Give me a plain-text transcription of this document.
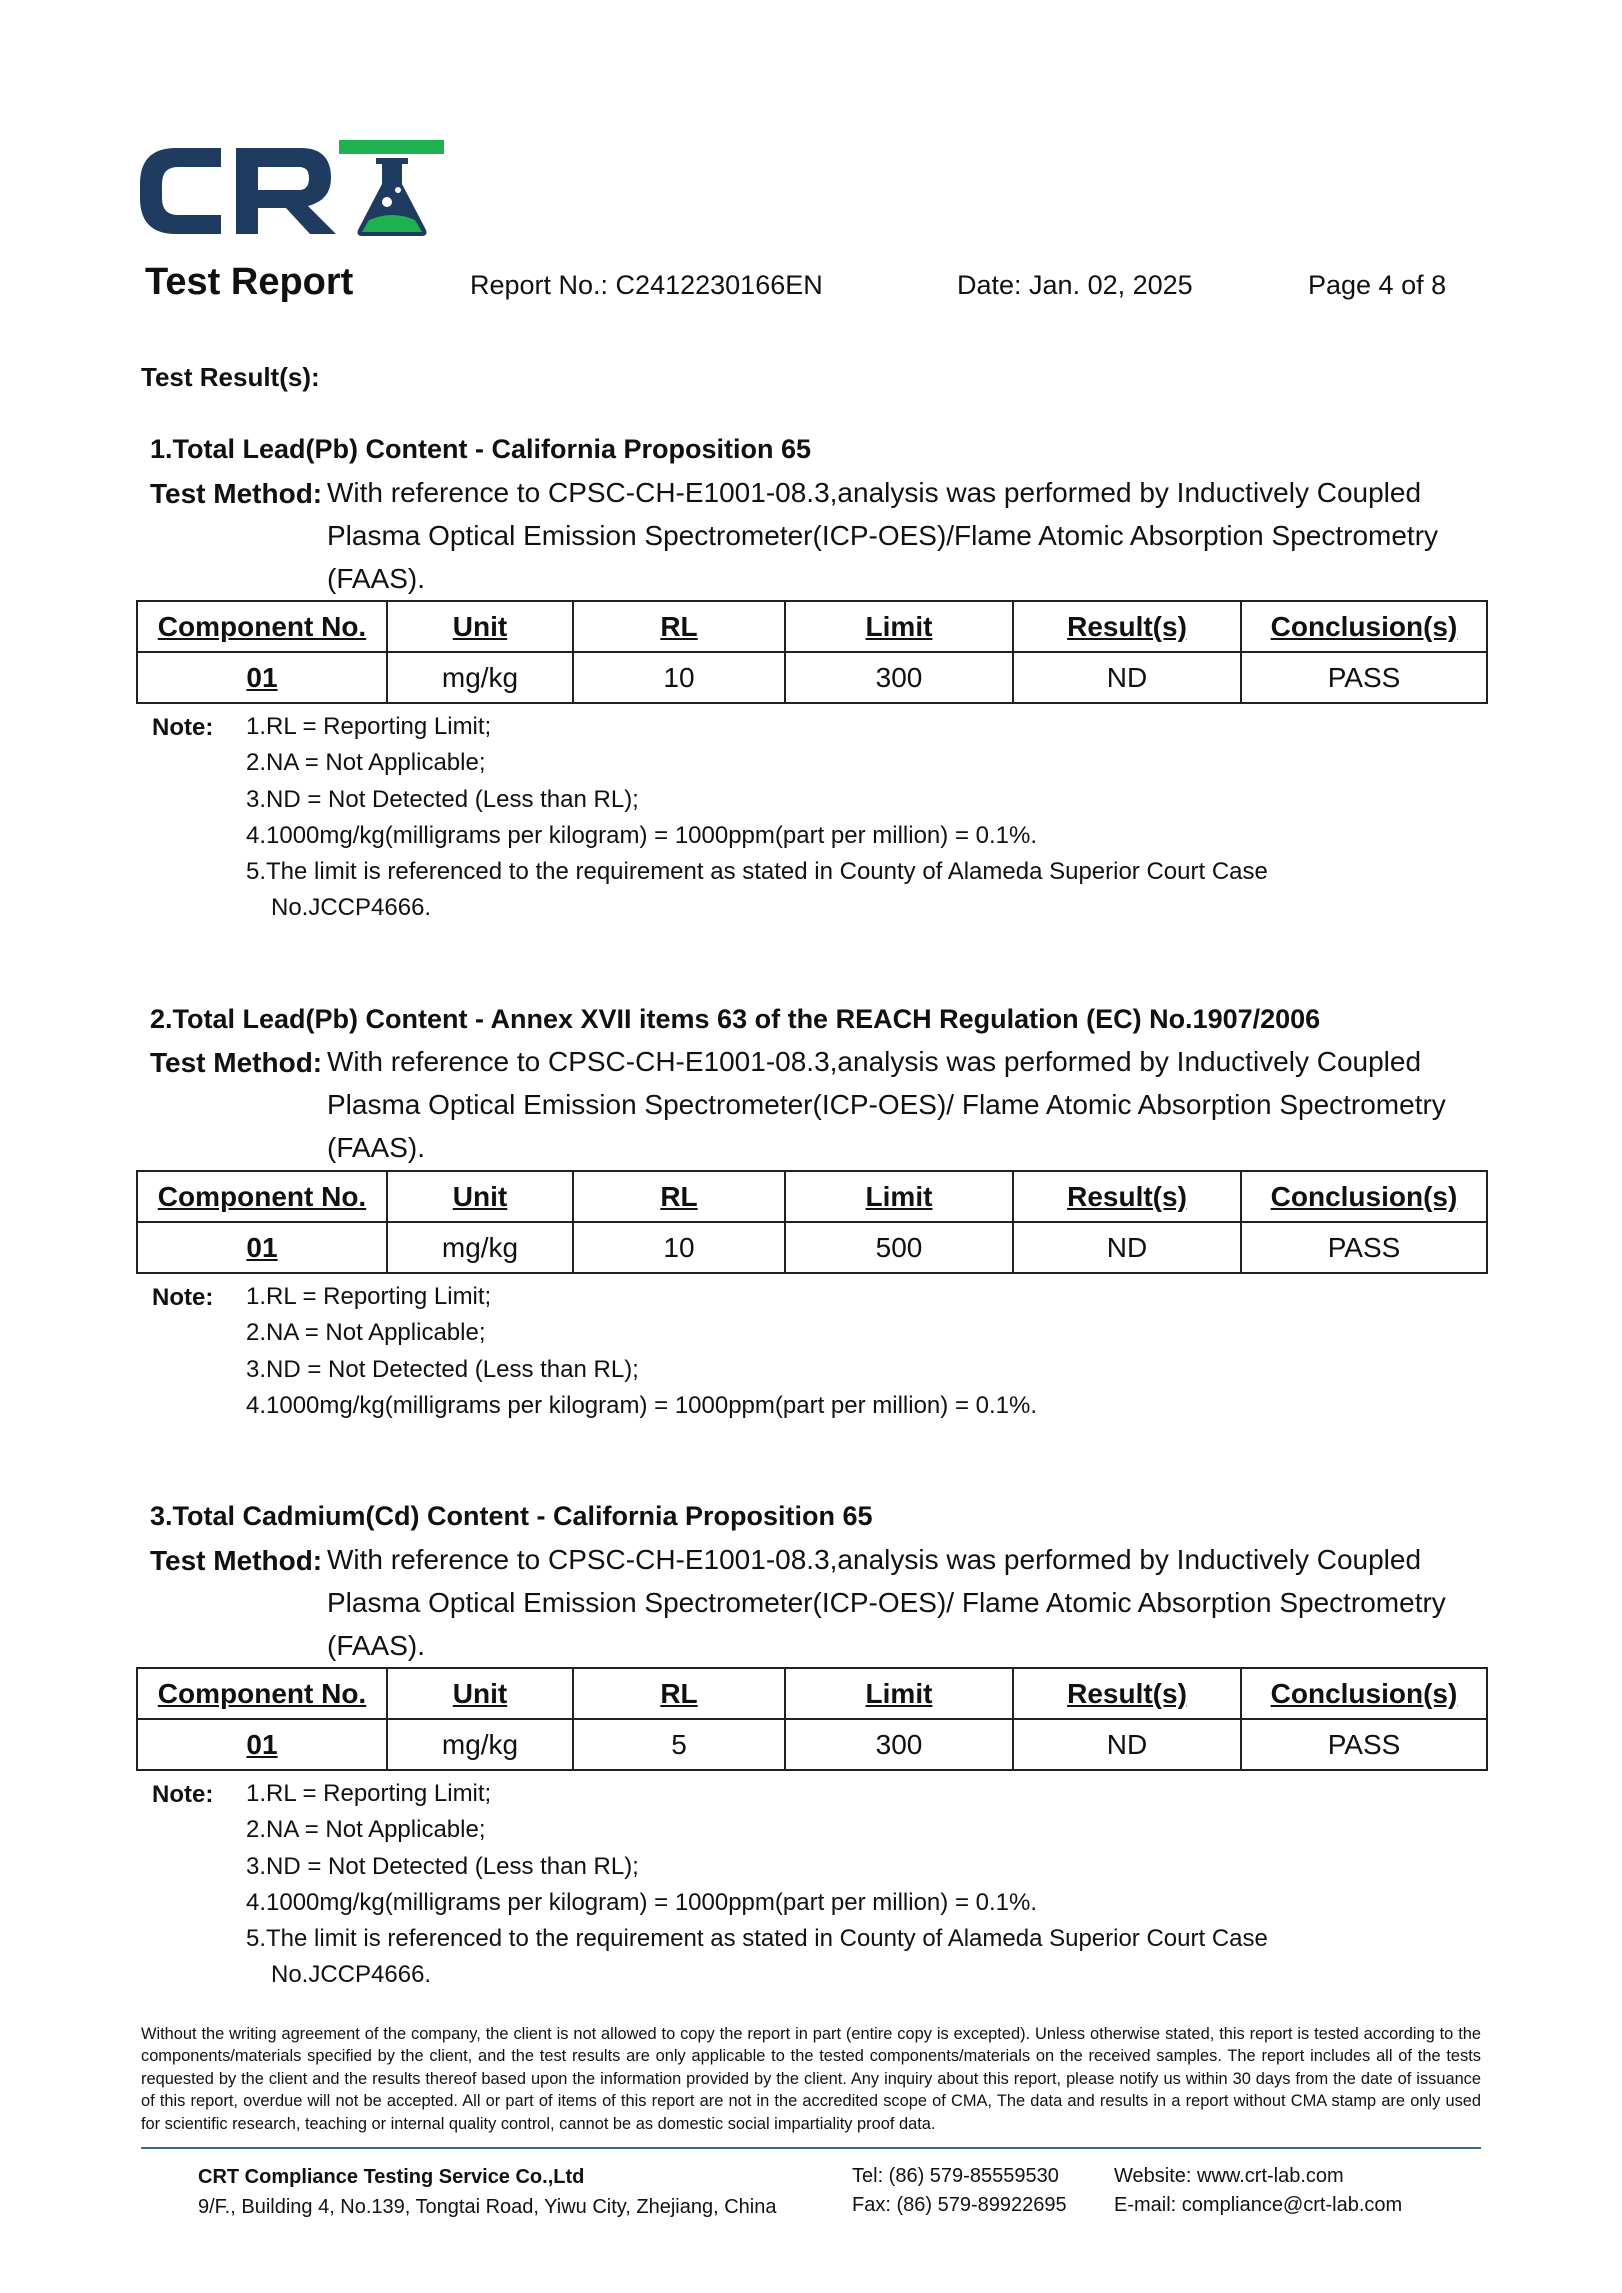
Test Report	Report No.: C2412230166EN	Date: Jan. 02, 2025	Page 4 of 8
Test Result(s):
1.Total Lead(Pb) Content - California Proposition 65
Test Method: With reference to CPSC-CH-E1001-08.3,analysis was performed by Inductively Coupled
Plasma Optical Emission Spectrometer(ICP-OES)/Flame Atomic Absorption Spectrometry
(FAAS).
Component No.	Unit	RL	Limit	Result(s)	Conclusion(s)
01	mg/kg	10	300	ND	PASS
Note: 1.RL = Reporting Limit;
2.NA = Not Applicable;
3.ND = Not Detected (Less than RL);
4.1000mg/kg(milligrams per kilogram) = 1000ppm(part per million) = 0.1%.
5.The limit is referenced to the requirement as stated in County of Alameda Superior Court Case
No.JCCP4666.
2.Total Lead(Pb) Content - Annex XVII items 63 of the REACH Regulation (EC) No.1907/2006
Test Method: With reference to CPSC-CH-E1001-08.3,analysis was performed by Inductively Coupled
Plasma Optical Emission Spectrometer(ICP-OES)/ Flame Atomic Absorption Spectrometry
(FAAS).
Component No.	Unit	RL	Limit	Result(s)	Conclusion(s)
01	mg/kg	10	500	ND	PASS
Note: 1.RL = Reporting Limit;
2.NA = Not Applicable;
3.ND = Not Detected (Less than RL);
4.1000mg/kg(milligrams per kilogram) = 1000ppm(part per million) = 0.1%.
3.Total Cadmium(Cd) Content - California Proposition 65
Test Method: With reference to CPSC-CH-E1001-08.3,analysis was performed by Inductively Coupled
Plasma Optical Emission Spectrometer(ICP-OES)/ Flame Atomic Absorption Spectrometry
(FAAS).
Component No.	Unit	RL	Limit	Result(s)	Conclusion(s)
01	mg/kg	5	300	ND	PASS
Note: 1.RL = Reporting Limit;
2.NA = Not Applicable;
3.ND = Not Detected (Less than RL);
4.1000mg/kg(milligrams per kilogram) = 1000ppm(part per million) = 0.1%.
5.The limit is referenced to the requirement as stated in County of Alameda Superior Court Case
No.JCCP4666.
Without the writing agreement of the company, the client is not allowed to copy the report in part (entire copy is excepted). Unless otherwise stated, this report is tested according to the components/materials specified by the client, and the test results are only applicable to the tested components/materials on the received samples. The report includes all of the tests requested by the client and the results thereof based upon the information provided by the client. Any inquiry about this report, please notify us within 30 days from the date of issuance of this report, overdue will not be accepted. All or part of items of this report are not in the accredited scope of CMA, The data and results in a report without CMA stamp are only used for scientific research, teaching or internal quality control, cannot be as domestic social impartiality proof data.
CRT Compliance Testing Service Co.,Ltd
9/F., Building 4, No.139, Tongtai Road, Yiwu City, Zhejiang, China
Tel: (86) 579-85559530
Fax: (86) 579-89922695
Website: www.crt-lab.com
E-mail: compliance@crt-lab.com
